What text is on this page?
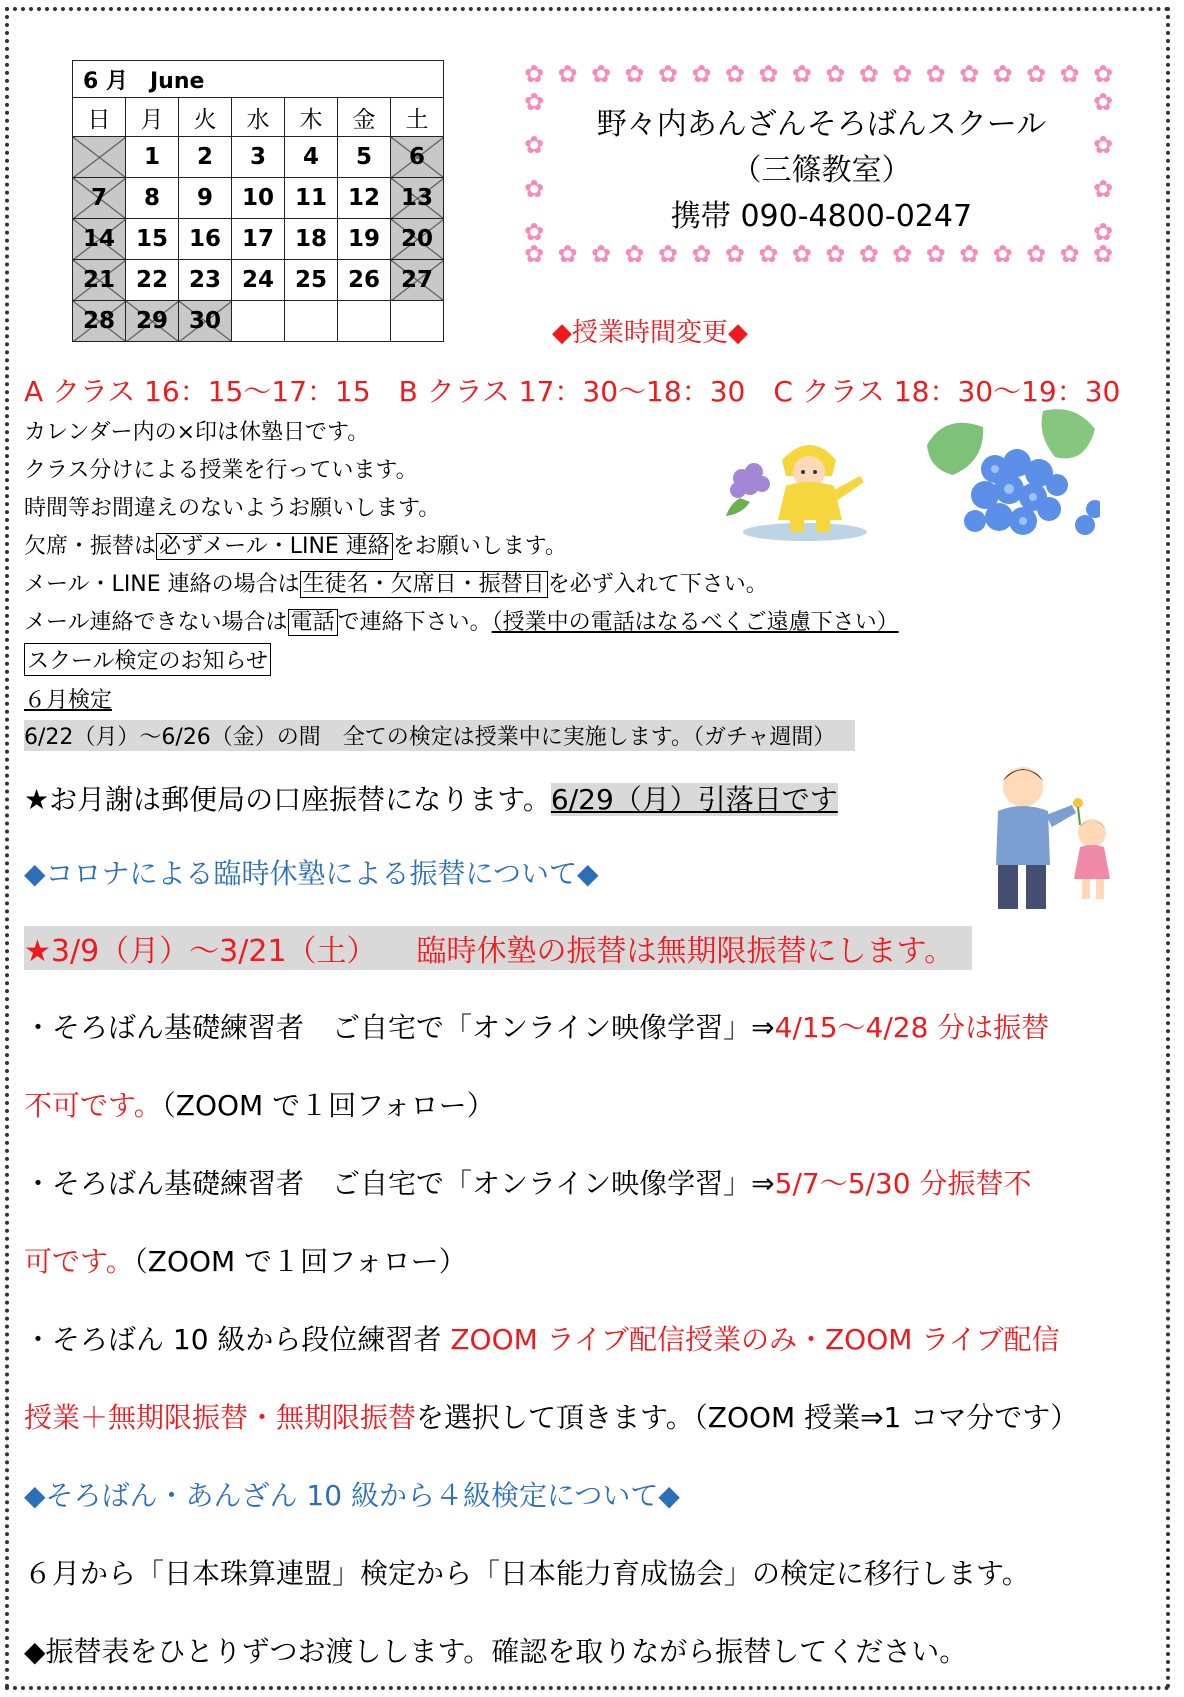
6 月　June						
日	月	火	水	木	金	土
	1	2	3	4	5	6
7	8	9	10	11	12	13
14	15	16	17	18	19	20
21	22	23	24	25	26	27
28	29	30				
✿
✿
✿
✿
✿
✿
✿
✿
✿
✿
✿
✿
✿
✿
✿
✿
✿
✿
✿
✿
✿
✿
✿
✿
✿
✿
✿
✿
✿
✿
✿
✿
✿
✿
✿
✿
✿
✿
✿
✿
✿
✿
✿
✿
野々内あんざんそろばんスクール
（三篠教室）
携帯 090-4800-0247
◆授業時間変更◆
A クラス 16：15〜17：15　B クラス 17：30〜18：30　C クラス 18：30〜19：30
カレンダー内の×印は休塾日です。
クラス分けによる授業を行っています。
時間等お間違えのないようお願いします。
欠席・振替は 必ずメール・LINE 連絡 をお願いします。
メール・LINE 連絡の場合は 生徒名・欠席日・振替日 を必ず入れて下さい。
メール連絡できない場合は 電話 で連絡下さい。（授業中の電話はなるべくご遠慮下さい）
スクール検定のお知らせ
６月検定
6/22（月）〜6/26（金）の間　全ての検定は授業中に実施します。（ガチャ週間）
★お月謝は郵便局の口座振替になります。6/29（月）引落日です
◆コロナによる臨時休塾による振替について◆
★3/9（月）〜3/21（土） 臨時休塾の振替は無期限振替にします。
・そろばん基礎練習者　ご自宅で「オンライン映像学習」⇒4/15〜4/28 分は振替
不可です。（ZOOM で１回フォロー）
・そろばん基礎練習者　ご自宅で「オンライン映像学習」⇒5/7〜5/30 分振替不
可です。（ZOOM で１回フォロー）
・そろばん 10 級から段位練習者 ZOOM ライブ配信授業のみ・ZOOM ライブ配信
授業＋無期限振替・無期限振替を選択して頂きます。（ZOOM 授業⇒1 コマ分です）
◆そろばん・あんざん 10 級から４級検定について◆
６月から「日本珠算連盟」検定から「日本能力育成協会」の検定に移行します。
◆振替表をひとりずつお渡しします。確認を取りながら振替してください。
